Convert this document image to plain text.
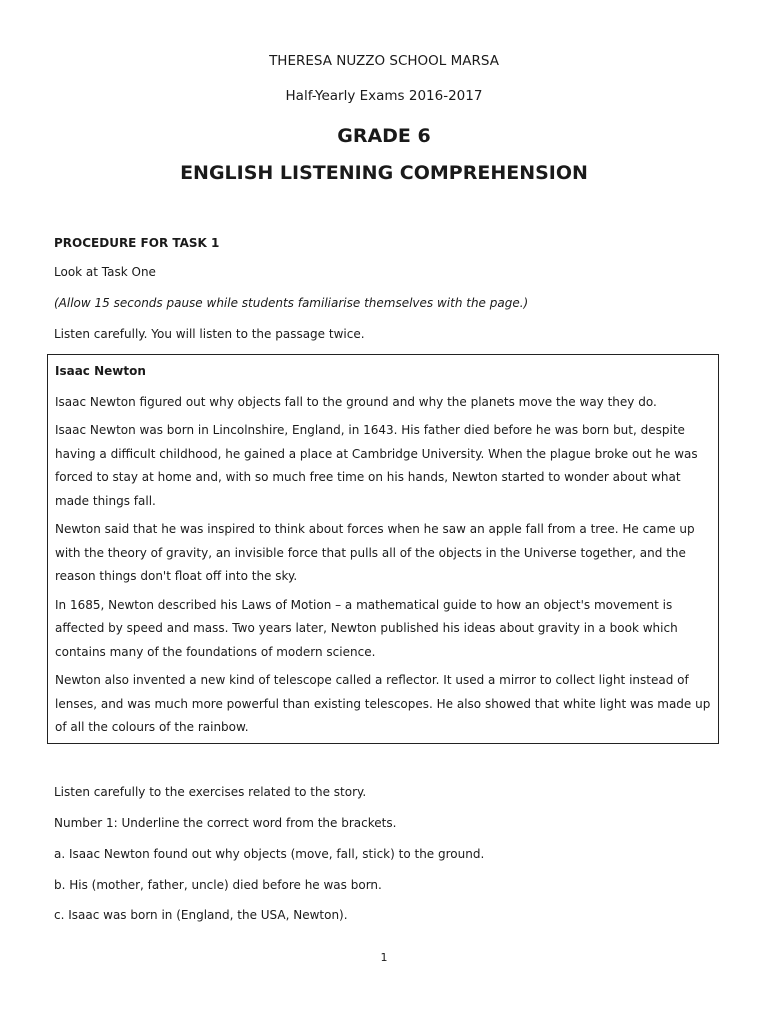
THERESA NUZZO SCHOOL MARSA
Half-Yearly Exams 2016-2017
GRADE 6
ENGLISH LISTENING COMPREHENSION
PROCEDURE FOR TASK 1
Look at Task One
(Allow 15 seconds pause while students familiarise themselves with the page.)
Listen carefully. You will listen to the passage twice.

Isaac Newton

Isaac Newton figured out why objects fall to the ground and why the planets move the way they do.

Isaac Newton was born in Lincolnshire, England, in 1643. His father died before he was born but, despite having a difficult childhood, he gained a place at Cambridge University. When the plague broke out he was forced to stay at home and, with so much free time on his hands, Newton started to wonder about what made things fall.

Newton said that he was inspired to think about forces when he saw an apple fall from a tree. He came up with the theory of gravity, an invisible force that pulls all of the objects in the Universe together, and the reason things don't float off into the sky.

In 1685, Newton described his Laws of Motion – a mathematical guide to how an object's movement is affected by speed and mass. Two years later, Newton published his ideas about gravity in a book which contains many of the foundations of modern science.

Newton also invented a new kind of telescope called a reflector. It used a mirror to collect light instead of lenses, and was much more powerful than existing telescopes. He also showed that white light was made up of all the colours of the rainbow.

Listen carefully to the exercises related to the story.
Number 1: Underline the correct word from the brackets.
a. Isaac Newton found out why objects (move, fall, stick) to the ground.
b. His (mother, father, uncle) died before he was born.
c. Isaac was born in (England, the USA, Newton).
1
